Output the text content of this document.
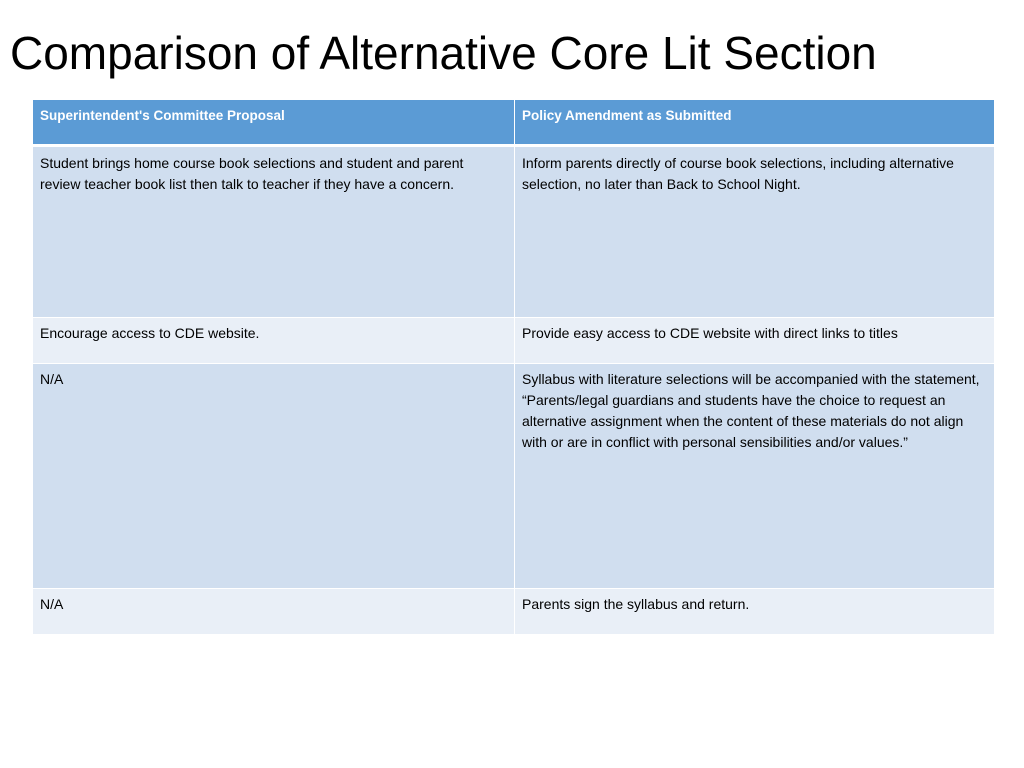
Comparison of Alternative Core Lit Section
Superintendent's Committee Proposal	Policy Amendment as Submitted
Student brings home course book selections and student and parent review teacher book list then talk to teacher if they have a concern.	Inform parents directly of course book selections, including alternative selection, no later than Back to School Night.
Encourage access to CDE website.	Provide easy access to CDE website with direct links to titles
N/A	Syllabus with literature selections will be accompanied with the statement, “Parents/legal guardians and students have the choice to request an alternative assignment when the content of these materials do not align with or are in conflict with personal sensibilities and/or values.”
N/A	Parents sign the syllabus and return.
